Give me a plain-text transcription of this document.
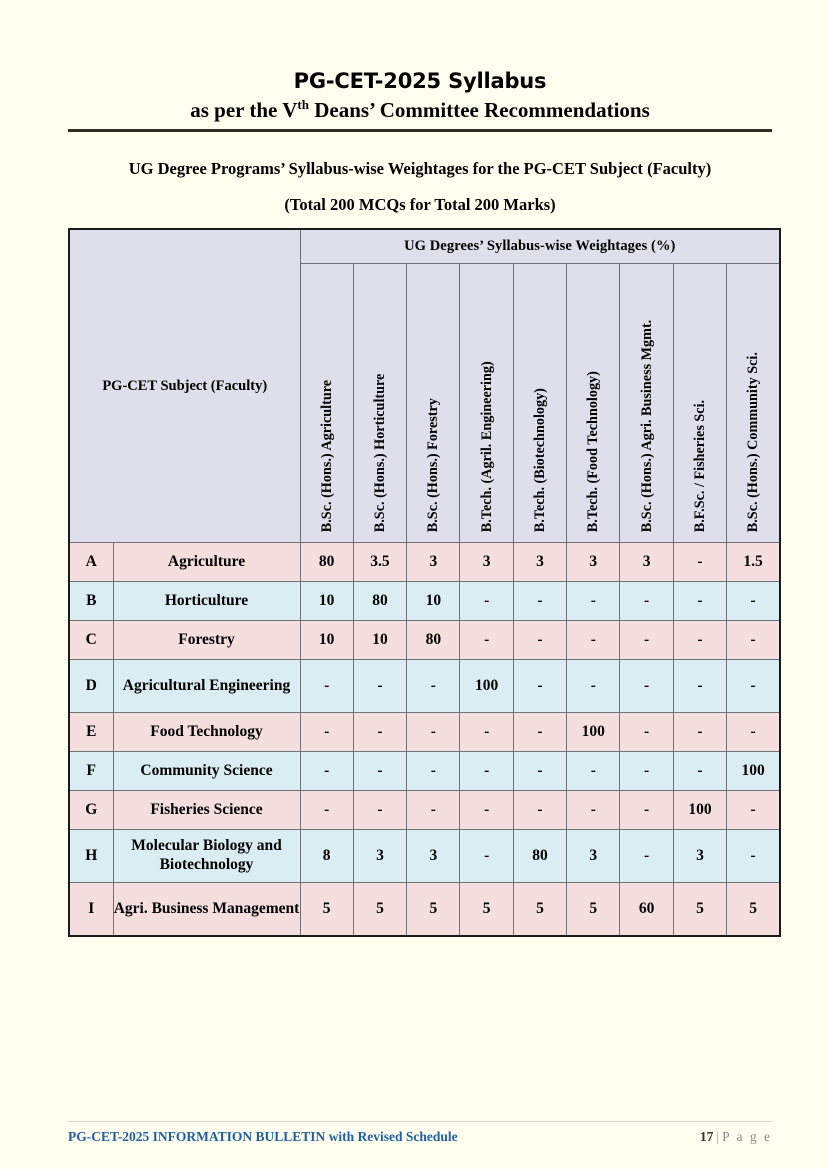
PG-CET-2025 Syllabus
as per the Vth Deans’ Committee Recommendations
UG Degree Programs’ Syllabus-wise Weightages for the PG-CET Subject (Faculty)
(Total 200 MCQs for Total 200 Marks)
PG-CET Subject (Faculty)		UG Degrees’ Syllabus-wise Weightages (%)								

		B.Sc. (Hons.) Agriculture	B.Sc. (Hons.) Horticulture	B.Sc. (Hons.) Forestry	B.Tech. (Agril. Engineering)	B.Tech. (Biotechnology)	B.Tech. (Food Technology)	B.Sc. (Hons.) Agri. Business Mgmt.	B.F.Sc. / Fisheries Sci.	B.Sc. (Hons.) Community Sci.

A	Agriculture	80	3.5	3	3	3	3	3	-	1.5
B	Horticulture	10	80	10	-	-	-	-	-	-
C	Forestry	10	10	80	-	-	-	-	-	-
D	Agricultural Engineering	-	-	-	100	-	-	-	-	-
E	Food Technology	-	-	-	-	-	100	-	-	-
F	Community Science	-	-	-	-	-	-	-	-	100
G	Fisheries Science	-	-	-	-	-	-	-	100	-
H	Molecular Biology and Biotechnology	8	3	3	-	80	3	-	3	-
I	Agri. Business Management	5	5	5	5	5	5	60	5	5
PG-CET-2025 INFORMATION BULLETIN with Revised Schedule	17 | P a g e
